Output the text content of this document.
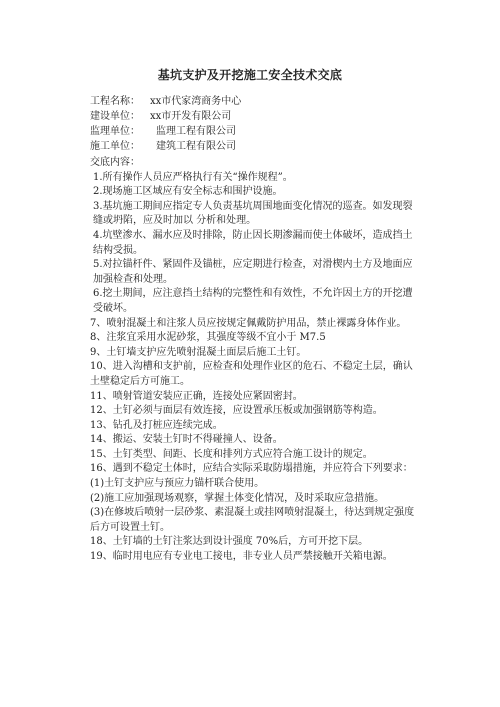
基坑支护及开挖施工安全技术交底
工程名称： xx市代家湾商务中心
建设单位： xx市开发有限公司
监理单位：监理工程有限公司
施工单位：建筑工程有限公司

交底内容：

1.所有操作人员应严格执行有关“操作规程”。

2.现场施工区域应有安全标志和围护设施。

3.基坑施工期间应指定专人负责基坑周围地面变化情况的巡查。如发现裂缝或坍陷，应及时加以 分析和处理。

4.坑壁渗水、漏水应及时排除，防止因长期渗漏而使土体破坏，造成挡土结构受损。

5.对拉锚杆件、紧固件及锚桩，应定期进行检查，对滑楔内土方及地面应加强检查和处理。

6.挖土期间，应注意挡土结构的完整性和有效性，不允许因土方的开挖遭受破坏。

7、喷射混凝土和注浆人员应按规定佩戴防护用品，禁止裸露身体作业。

8、注浆宜采用水泥砂浆，其强度等级不宜小于 M7.5

9、土钉墙支护应先喷射混凝土面层后施工土钉。

10、进入沟槽和支护前，应检查和处理作业区的危石、不稳定土层，确认土壁稳定后方可施工。

11、喷射管道安装应正确，连接处应紧固密封。

12、土钉必须与面层有效连接，应设置承压板或加强钢筋等构造。

13、钻孔及打桩应连续完成。

14、搬运、安装土钉时不得碰撞人、设备。

15、土钉类型、间距、长度和排列方式应符合施工设计的规定。

16、遇到不稳定土体时，应结合实际采取防塌措施，并应符合下列要求：

(1)土钉支护应与预应力锚杆联合使用。

(2)施工应加强现场观察，掌握土体变化情况，及时采取应急措施。

(3)在修坡后喷射一层砂浆、素混凝土或挂网喷射混凝土，待达到规定强度后方可设置土钉。

18、土钉墙的土钉注浆达到设计强度 70%后，方可开挖下层。

19、临时用电应有专业电工接电，非专业人员严禁接触开关箱电源。
